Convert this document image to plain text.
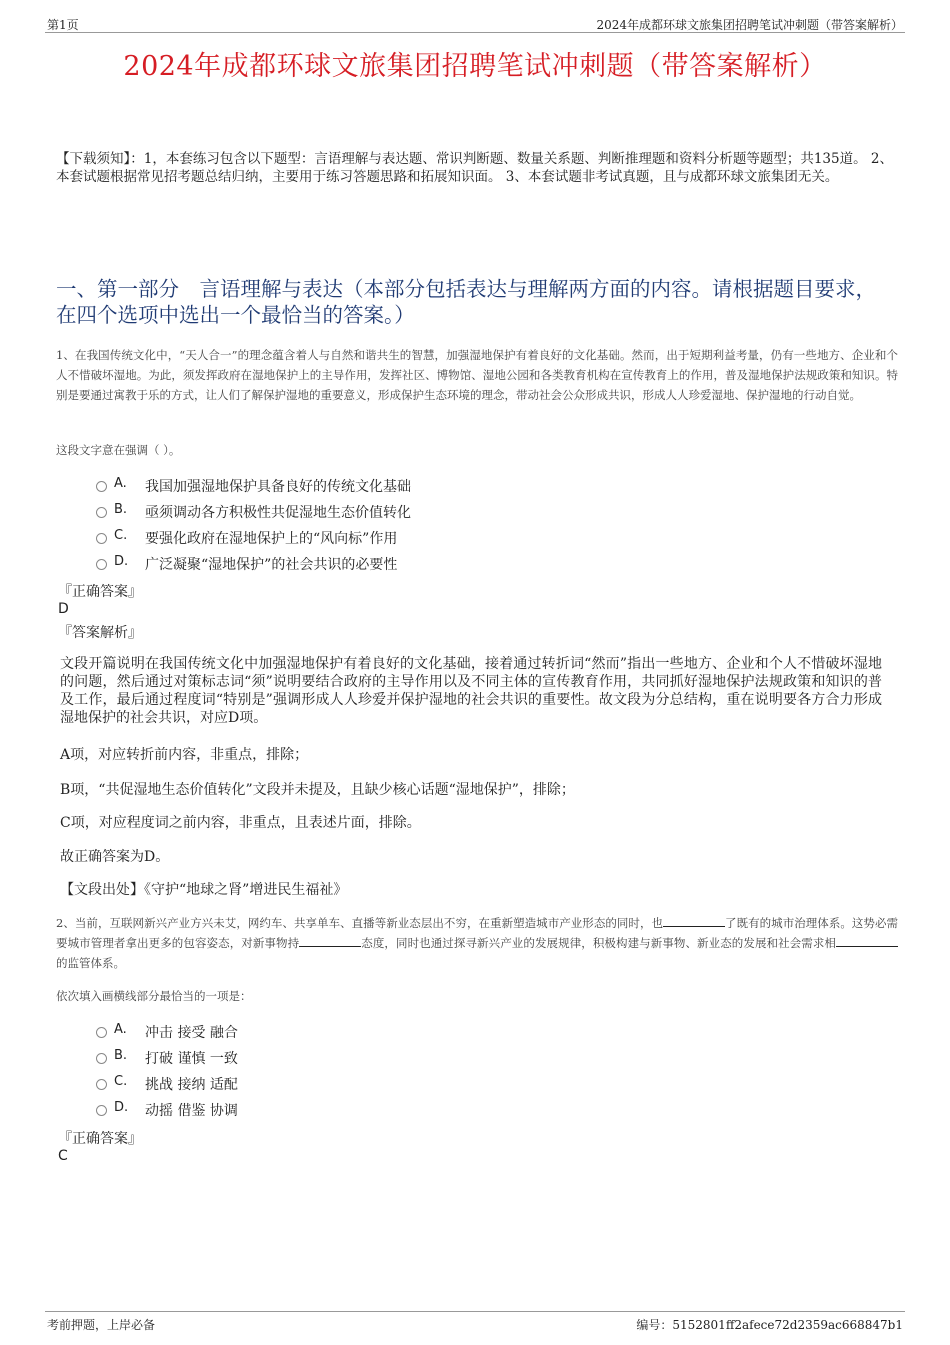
第1页	2024年成都环球文旅集团招聘笔试冲刺题（带答案解析）
2024年成都环球文旅集团招聘笔试冲刺题（带答案解析）
【下载须知】：1，本套练习包含以下题型：言语理解与表达题、常识判断题、数量关系题、判断推理题和资料分析题等题型；共135道。 2、本套试题根据常见招考题总结归纳，主要用于练习答题思路和拓展知识面。 3、本套试题非考试真题，且与成都环球文旅集团无关。
一、第一部分　言语理解与表达（本部分包括表达与理解两方面的内容。请根据题目要求，在四个选项中选出一个最恰当的答案。）
1、在我国传统文化中，“天人合一”的理念蕴含着人与自然和谐共生的智慧，加强湿地保护有着良好的文化基础。然而，出于短期利益考量，仍有一些地方、企业和个人不惜破坏湿地。为此，须发挥政府在湿地保护上的主导作用，发挥社区、博物馆、湿地公园和各类教育机构在宣传教育上的作用，普及湿地保护法规政策和知识。特别是要通过寓教于乐的方式，让人们了解保护湿地的重要意义，形成保护生态环境的理念，带动社会公众形成共识，形成人人珍爱湿地、保护湿地的行动自觉。
这段文字意在强调（ ）。
A. 我国加强湿地保护具备良好的传统文化基础
B. 亟须调动各方积极性共促湿地生态价值转化
C. 要强化政府在湿地保护上的“风向标”作用
D. 广泛凝聚“湿地保护”的社会共识的必要性
『正确答案』
D
『答案解析』
文段开篇说明在我国传统文化中加强湿地保护有着良好的文化基础，接着通过转折词“然而”指出一些地方、企业和个人不惜破坏湿地的问题，然后通过对策标志词“须”说明要结合政府的主导作用以及不同主体的宣传教育作用，共同抓好湿地保护法规政策和知识的普及工作，最后通过程度词“特别是”强调形成人人珍爱并保护湿地的社会共识的重要性。故文段为分总结构，重在说明要各方合力形成湿地保护的社会共识，对应D项。
A项，对应转折前内容，非重点，排除；
B项，“共促湿地生态价值转化”文段并未提及，且缺少核心话题“湿地保护”，排除；
C项，对应程度词之前内容，非重点，且表述片面，排除。
故正确答案为D。
【文段出处】《守护“地球之肾”增进民生福祉》
2、当前，互联网新兴产业方兴未艾，网约车、共享单车、直播等新业态层出不穷，在重新塑造城市产业形态的同时，也	了既有的城市治理体系。这势必需要城市管理者拿出更多的包容姿态，对新事物持	态度，同时也通过探寻新兴产业的发展规律，积极构建与新事物、新业态的发展和社会需求相的监管体系。
依次填入画横线部分最恰当的一项是：
A. 冲击 接受 融合
B. 打破 谨慎 一致
C. 挑战 接纳 适配
D. 动摇 借鉴 协调
『正确答案』
C
考前押题，上岸必备	编号：5152801ff2afece72d2359ac668847b1
